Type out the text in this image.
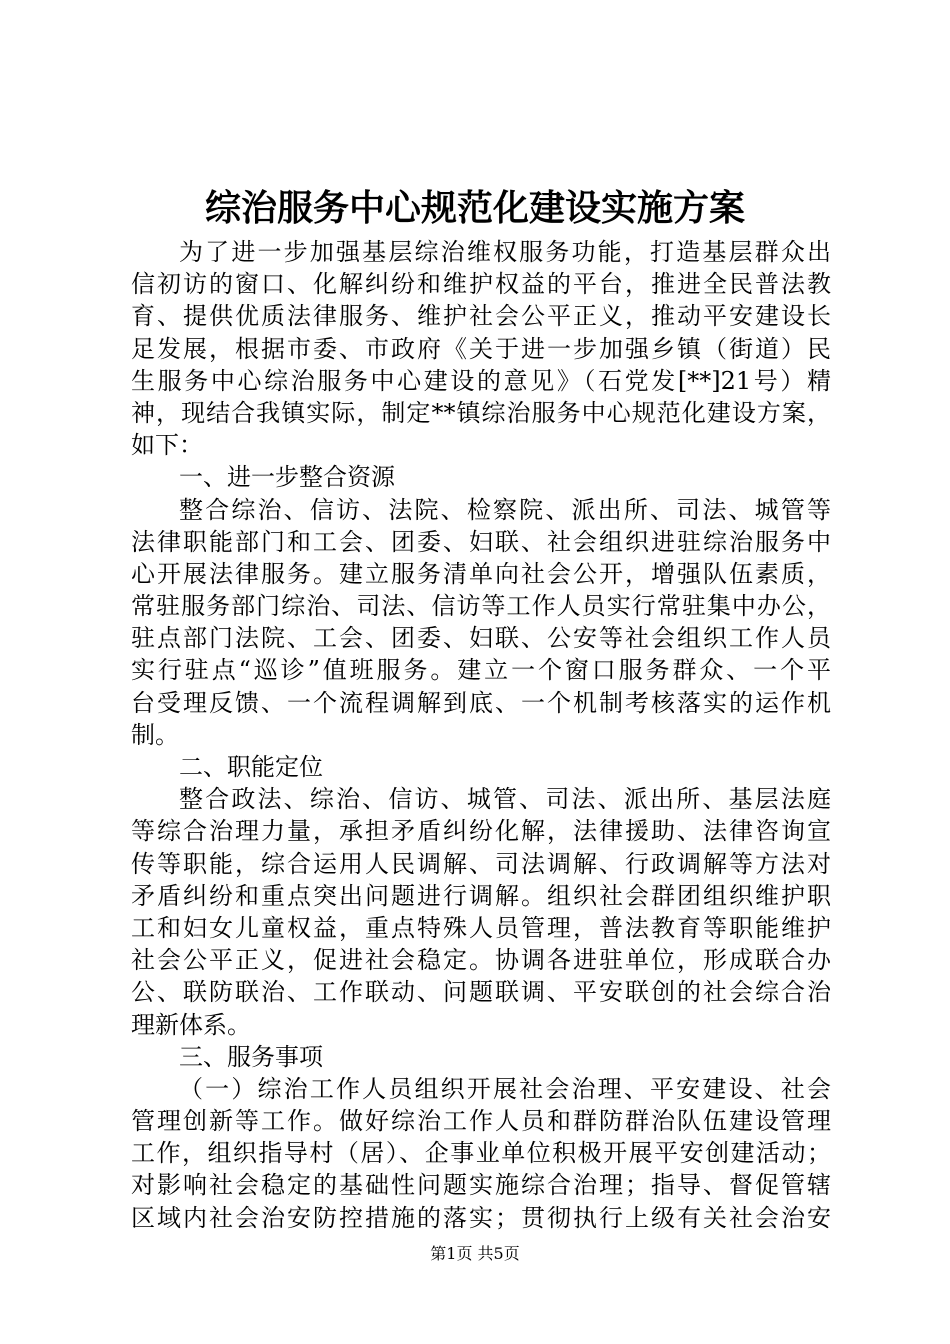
综治服务中心规范化建设实施方案
为了进一步加强基层综治维权服务功能，打造基层群众出
信初访的窗口、化解纠纷和维护权益的平台，推进全民普法教
育、提供优质法律服务、维护社会公平正义，推动平安建设长
足发展，根据市委、市政府《关于进一步加强乡镇（街道）民
生服务中心综治服务中心建设的意见》（石党发[**]21号）精
神，现结合我镇实际，制定**镇综治服务中心规范化建设方案，
如下：
一、进一步整合资源
整合综治、信访、法院、检察院、派出所、司法、城管等
法律职能部门和工会、团委、妇联、社会组织进驻综治服务中
心开展法律服务。建立服务清单向社会公开，增强队伍素质，
常驻服务部门综治、司法、信访等工作人员实行常驻集中办公，
驻点部门法院、工会、团委、妇联、公安等社会组织工作人员
实行驻点“巡诊”值班服务。建立一个窗口服务群众、一个平
台受理反馈、一个流程调解到底、一个机制考核落实的运作机
制。
二、职能定位
整合政法、综治、信访、城管、司法、派出所、基层法庭
等综合治理力量，承担矛盾纠纷化解，法律援助、法律咨询宣
传等职能，综合运用人民调解、司法调解、行政调解等方法对
矛盾纠纷和重点突出问题进行调解。组织社会群团组织维护职
工和妇女儿童权益，重点特殊人员管理，普法教育等职能维护
社会公平正义，促进社会稳定。协调各进驻单位，形成联合办
公、联防联治、工作联动、问题联调、平安联创的社会综合治
理新体系。
三、服务事项
（一）综治工作人员组织开展社会治理、平安建设、社会
管理创新等工作。做好综治工作人员和群防群治队伍建设管理
工作，组织指导村（居）、企事业单位积极开展平安创建活动；
对影响社会稳定的基础性问题实施综合治理；指导、督促管辖
区域内社会治安防控措施的落实；贯彻执行上级有关社会治安
第1页 共5页
